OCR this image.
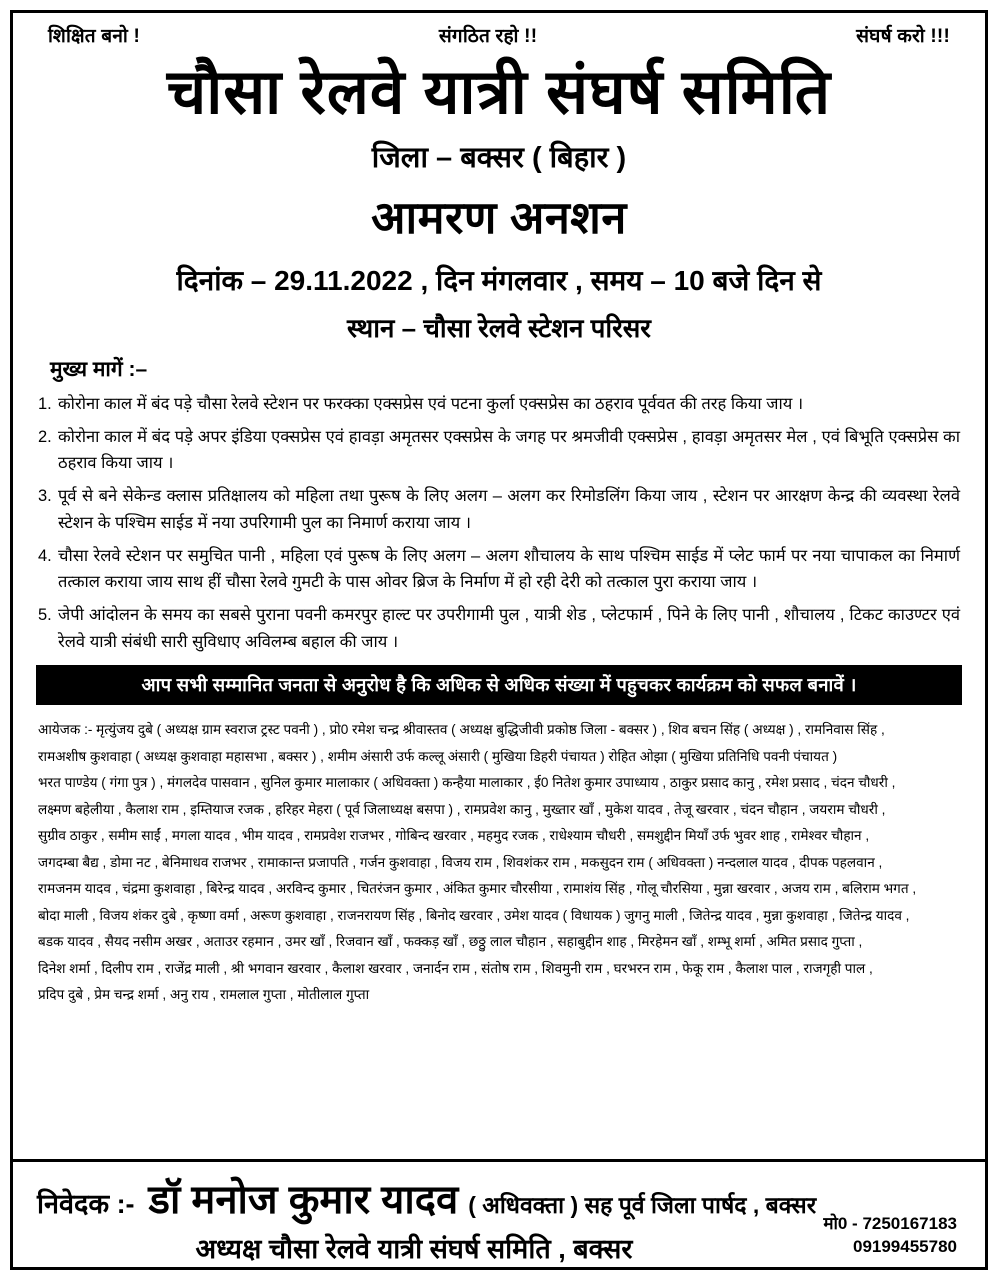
शिक्षित बनो !	संगठित रहो !!	संघर्ष करो !!!
चौसा रेलवे यात्री संघर्ष समिति
जिला – बक्सर ( बिहार )
आमरण अनशन
दिनांक – 29.11.2022 , दिन मंगलवार , समय – 10 बजे दिन से
स्थान – चौसा रेलवे स्टेशन परिसर
मुख्य मागें :–
1. कोरोना काल में बंद पड़े चौसा रेलवे स्टेशन पर फरक्का एक्सप्रेस एवं पटना कुर्ला एक्सप्रेस का ठहराव पूर्ववत की तरह किया जाय ।
2. कोरोना काल में बंद पड़े अपर इंडिया एक्सप्रेस एवं हावड़ा अमृतसर एक्सप्रेस के जगह पर श्रमजीवी एक्सप्रेस , हावड़ा अमृतसर मेल , एवं बिभूति एक्सप्रेस का ठहराव किया जाय ।
3. पूर्व से बने सेकेन्ड क्लास प्रतिक्षालय को महिला तथा पुरूष के लिए अलग – अलग कर रिमोडलिंग किया जाय , स्टेशन पर आरक्षण केन्द्र की व्यवस्था रेलवे स्टेशन के पश्चिम साईड में नया उपरिगामी पुल का निमार्ण कराया जाय ।
4. चौसा रेलवे स्टेशन पर समुचित पानी , महिला एवं पुरूष के लिए अलग – अलग शौचालय के साथ पश्चिम साईड में प्लेट फार्म पर नया चापाकल का निमार्ण तत्काल कराया जाय साथ हीं चौसा रेलवे गुमटी के पास ओवर ब्रिज के निर्माण में हो रही देरी को तत्काल पुरा कराया जाय ।
5. जेपी आंदोलन के समय का सबसे पुराना पवनी कमरपुर हाल्ट पर उपरीगामी पुल , यात्री शेड , प्लेटफार्म , पिने के लिए पानी , शौचालय , टिकट काउण्टर एवं रेलवे यात्री संबंधी सारी सुविधाए अविलम्ब बहाल की जाय ।
आप सभी सम्मानित जनता से अनुरोध है कि अधिक से अधिक संख्या में पहुचकर कार्यक्रम को सफल बनावें ।
आयेजक :- मृत्युंजय दुबे ( अध्यक्ष ग्राम स्वराज ट्रस्ट पवनी ) , प्रो0 रमेश चन्द्र श्रीवास्तव ( अध्यक्ष बुद्धिजीवी प्रकोष्ठ जिला - बक्सर ) , शिव बचन सिंह ( अध्यक्ष ) , रामनिवास सिंह ,
रामअशीष कुशवाहा ( अध्यक्ष कुशवाहा महासभा , बक्सर ) , शमीम अंसारी उर्फ कल्लू अंसारी ( मुखिया डिहरी पंचायत ) रोहित ओझा ( मुखिया प्रतिनिधि पवनी पंचायत )
भरत पाण्डेय ( गंगा पुत्र ) , मंगलदेव पासवान , सुनिल कुमार मालाकार ( अधिवक्ता ) कन्हैया मालाकार , ई0 नितेश कुमार उपाध्याय , ठाकुर प्रसाद कानु , रमेश प्रसाद , चंदन चौधरी ,
लक्ष्मण बहेलीया , कैलाश राम , इम्तियाज रजक , हरिहर मेहरा ( पूर्व जिलाध्यक्ष बसपा ) , रामप्रवेश कानु , मुख्तार खाँ , मुकेश यादव , तेजू खरवार , चंदन चौहान , जयराम चौधरी ,
सुग्रीव ठाकुर , समीम साईं , मगला यादव , भीम यादव , रामप्रवेश राजभर , गोबिन्द खरवार , महमुद रजक , राधेश्याम चौधरी , समशुद्दीन मियाँ उर्फ भुवर शाह , रामेश्वर चौहान ,
जगदम्बा बैद्य , डोमा नट , बेनिमाधव राजभर , रामाकान्त प्रजापति , गर्जन कुशवाहा , विजय राम , शिवशंकर राम , मकसुदन राम ( अधिवक्ता ) नन्दलाल यादव , दीपक पहलवान ,
रामजनम यादव , चंद्रमा कुशवाहा , बिरेन्द्र यादव , अरविन्द कुमार , चितरंजन कुमार , अंकित कुमार चौरसीया , रामाशंय सिंह , गोलू चौरसिया , मुन्ना खरवार , अजय राम , बलिराम भगत ,
बोदा माली , विजय शंकर दुबे , कृष्णा वर्मा , अरूण कुशवाहा , राजनरायण सिंह , बिनोद खरवार , उमेश यादव ( विधायक ) जुगनु माली , जितेन्द्र यादव , मुन्ना कुशवाहा , जितेन्द्र यादव ,
बडक यादव , सैयद नसीम अखर , अताउर रहमान , उमर खाँ , रिजवान खाँ , फक्कड़ खाँ , छठ्ठु लाल चौहान , सहाबुद्दीन शाह , मिरहेमन खाँ , शम्भू शर्मा , अमित प्रसाद गुप्ता ,
दिनेश शर्मा , दिलीप राम , राजेंद्र माली , श्री भगवान खरवार , कैलाश खरवार , जनार्दन राम , संतोष राम , शिवमुनी राम , घरभरन राम , फेकू राम , कैलाश पाल , राजगृही पाल ,
प्रदिप दुबे , प्रेम चन्द्र शर्मा , अनु राय , रामलाल गुप्ता , मोतीलाल गुप्ता
निवेदक :- डॉ मनोज कुमार यादव ( अधिवक्ता ) सह पूर्व जिला पार्षद , बक्सर
अध्यक्ष चौसा रेलवे यात्री संघर्ष समिति , बक्सर
मो0 - 7250167183
09199455780
